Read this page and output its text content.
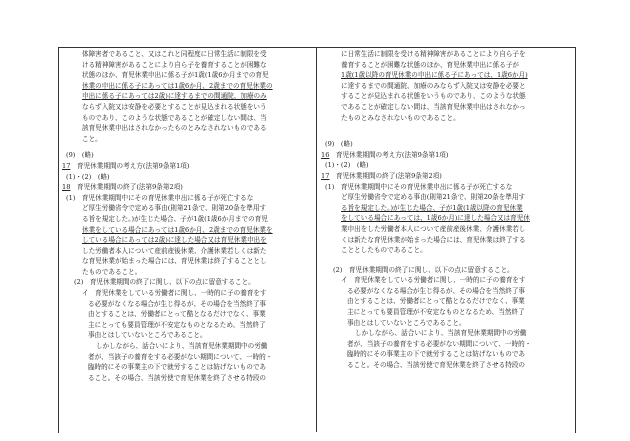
体障害者であること、又はこれと同程度に日常生活に制限を受
ける精神障害があることにより自ら子を養育することが困難な
状態のほか、育児休業申出に係る子が1歳(1歳6か月までの育児
休業の申出に係る子にあっては1歳6か月、2歳までの育児休業の
申出に係る子にあっては2歳)に達するまでの間通院、加療のみ
ならず入院又は安静を必要とすることが見込まれる状態をいう
ものであり、このような状態であることが確定しない間は、当
該育児休業申出はされなかったものとみなされないものである
こと。
(9)　(略)
17　 育児休業期間の考え方(法第9条第1項)
(1)・(2)　(略)
18　 育児休業期間の終了(法第9条第2項)
(1)　育児休業期間中にその育児休業申出に係る子が死亡するな
ど厚生労働省令で定める事由(則第21条で、則第20条を準用す
る旨を規定した。)が生じた場合、子が1歳(1歳6か月までの育児
休業をしている場合にあっては1歳6か月、2歳までの育児休業を
している場合にあっては2歳)に達した場合又は育児休業申出を
した労働者本人について産前産後休業、介護休業若しくは新た
な育児休業が始まった場合には、育児休業は終了することとし
たものであること。
(2)　育児休業期間の終了に関し、以下の点に留意すること。
イ　育児休業をしている労働者に関し、一時的に子の養育をす
る必要がなくなる場合が生じ得るが、その場合を当然終了事
由とすることは、労働者にとって酷となるだけでなく、事業
主にとっても要員管理が不安定なものとなるため、当然終了
事由とはしていないところであること。
しかしながら、話合いにより、当該育児休業期間中の労働
者が、当該子の養育をする必要がない期間について、一時的・
臨時的にその事業主の下で就労することは妨げないものであ
ること。その場合、当該労使で育児休業を終了させる特段の
に日常生活に制限を受ける精神障害があることにより自ら子を
養育することが困難な状態のほか、育児休業申出に係る子が
1歳(1歳以降の育児休業の申出に係る子にあっては、1歳6か月)
に達するまでの間通院、加療のみならず入院又は安静を必要と
することが見込まれる状態をいうものであり、このような状態
であることが確定しない間は、当該育児休業申出はされなかっ
たものとみなされないものであること。
(9)　(略)
16　 育児休業期間の考え方(法第9条第1項)
(1)・(2)　(略)
17　 育児休業期間の終了(法第9条第2項)
(1)　育児休業期間中にその育児休業申出に係る子が死亡するな
ど厚生労働省令で定める事由(則第21条で、則第20条を準用す
る旨を規定した。)が生じた場合、子が1歳(1歳以降の育児休業
をしている場合にあっては、1歳6か月)に達した場合又は育児休
業申出をした労働者本人について産前産後休業、介護休業若し
くは新たな育児休業が始まった場合には、育児休業は終了する
こととしたものであること。
(2)　育児休業期間の終了に関し、以下の点に留意すること。
イ　育児休業をしている労働者に関し、一時的に子の養育をす
る必要がなくなる場合が生じ得るが、その場合を当然終了事
由とすることは、労働者にとって酷となるだけでなく、事業
主にとっても要員管理が不安定なものとなるため、当然終了
事由とはしていないところであること。
しかしながら、話合いにより、当該育児休業期間中の労働
者が、当該子の養育をする必要がない期間について、一時的・
臨時的にその事業主の下で就労することは妨げないものであ
ること。その場合、当該労使で育児休業を終了させる特段の
